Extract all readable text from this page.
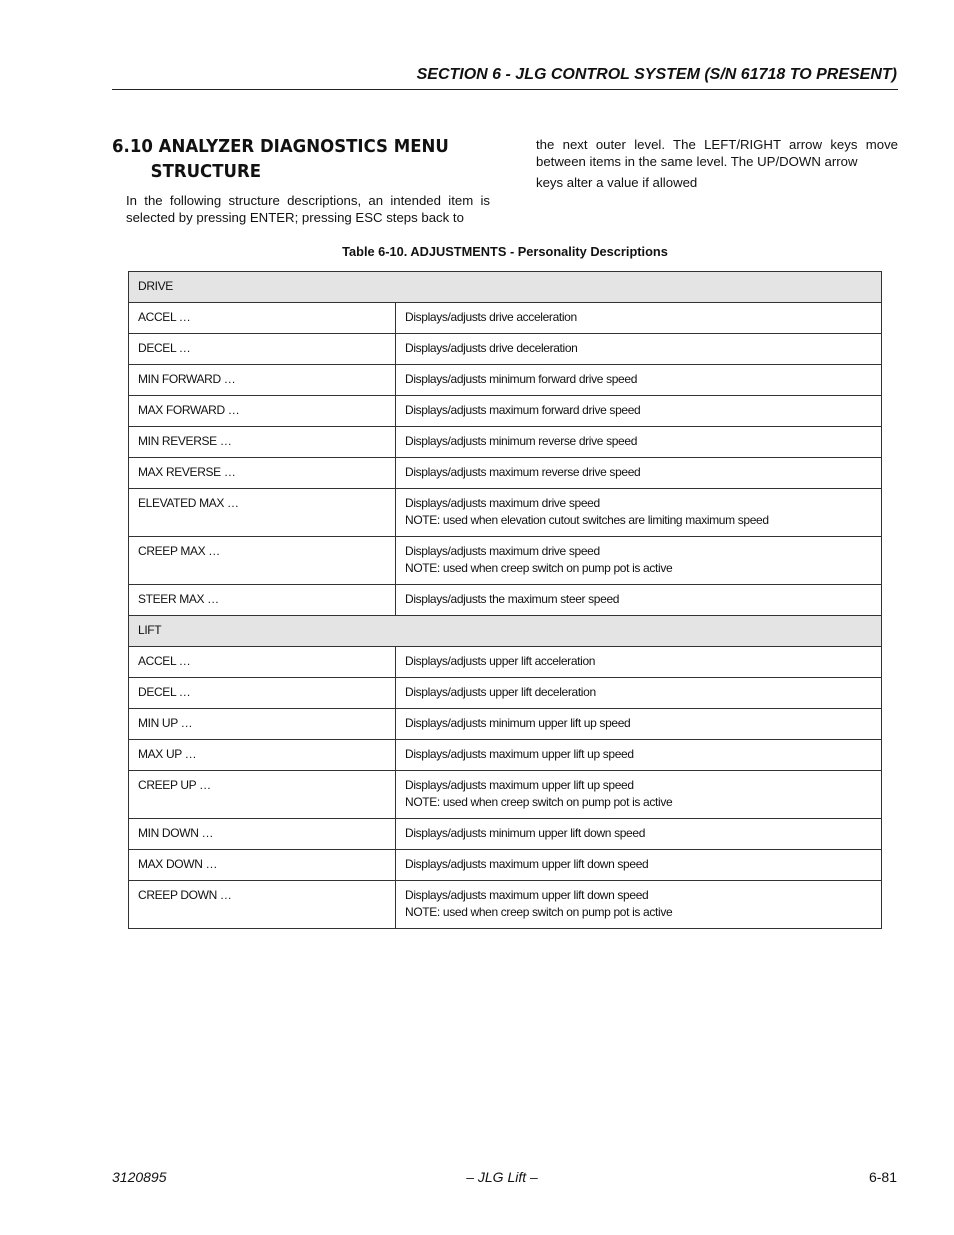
SECTION 6 - JLG CONTROL SYSTEM (S/N 61718 TO PRESENT)
6.10 ANALYZER DIAGNOSTICS MENU
STRUCTURE

In the following structure descriptions, an intended item is selected by pressing ENTER; pressing ESC steps back to

the next outer level. The LEFT/RIGHT arrow keys move between items in the same level. The UP/DOWN arrow
keys alter a value if allowed

Table 6-10. ADJUSTMENTS - Personality Descriptions
DRIVE	
ACCEL …	Displays/adjusts drive acceleration
DECEL …	Displays/adjusts drive deceleration
MIN FORWARD …	Displays/adjusts minimum forward drive speed
MAX FORWARD …	Displays/adjusts maximum forward drive speed
MIN REVERSE …	Displays/adjusts minimum reverse drive speed
MAX REVERSE …	Displays/adjusts maximum reverse drive speed
ELEVATED MAX …	Displays/adjusts maximum drive speed
NOTE: used when elevation cutout switches are limiting maximum speed

CREEP MAX …	Displays/adjusts maximum drive speed
NOTE: used when creep switch on pump pot is active

STEER MAX …	Displays/adjusts the maximum steer speed
LIFT	
ACCEL …	Displays/adjusts upper lift acceleration
DECEL …	Displays/adjusts upper lift deceleration
MIN UP …	Displays/adjusts minimum upper lift up speed
MAX UP …	Displays/adjusts maximum upper lift up speed
CREEP UP …	Displays/adjusts maximum upper lift up speed
NOTE: used when creep switch on pump pot is active

MIN DOWN …	Displays/adjusts minimum upper lift down speed
MAX DOWN …	Displays/adjusts maximum upper lift down speed
CREEP DOWN …	Displays/adjusts maximum upper lift down speed
NOTE: used when creep switch on pump pot is active
3120895	– JLG Lift –	6-81
